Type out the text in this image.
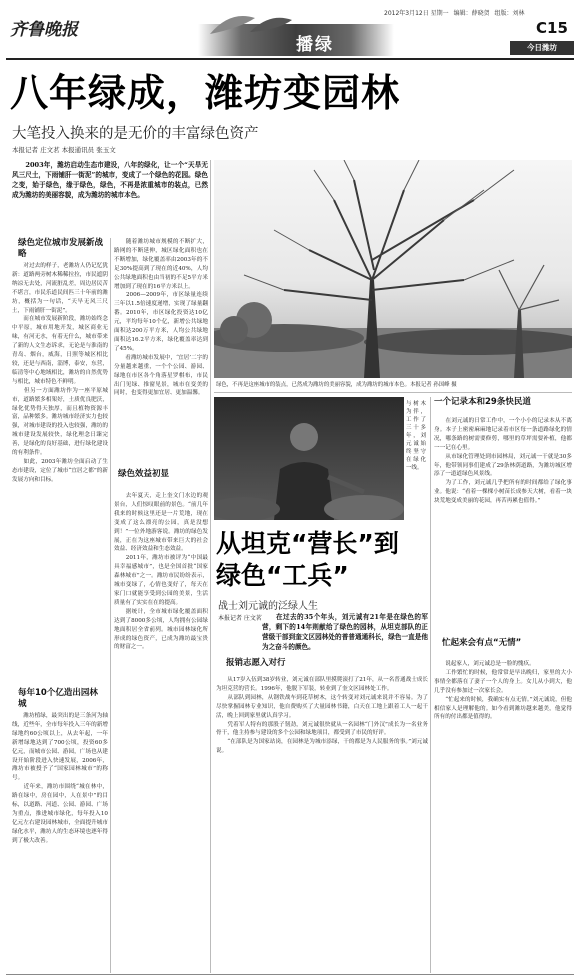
齐鲁晚报
播绿
2012年3月12日 星期一 编辑：薛晓贺 组版：刘林
C15
今日潍坊
八年绿成，潍坊变园林
大笔投入换来的是无价的丰富绿色资产
本报记者 庄文茗 本报通讯员 张玉文
　　2003年，潍坊启动生态市建设，八年的绿化，让一个“天旱无风三尺土，下雨铺肝一街泥”的城市，变成了一个绿色的花园。绿色之变，始于绿色，缘于绿色，绿色，不再是浓重城市的装点，已然成为潍坊的美丽容貌，成为潍坊的城市本色。
绿色定位城市发展新战略
　　对过去的样子，老潍坊人仍记忆犹新：道路两旁树木稀稀拉拉，市民遮阴纳凉无去处，河流脏乱差，周边居民苦不堪言，市民乐道民间匹三十年前的潍坊，概括为一句话，“天旱无风三尺土，下雨铺肝一街泥”。
　　而在城市发展新阶段，潍坊始终念中平原，城市用地开发，城区商业无味，有河无水，有着无什么，城市带来了新的人文生态诉求，无论是与淮南的青岛、烟台，威海，日照等城区相比较，还是与西南，淄博，泰安，东营，临清等中心地域相比，潍坊的自然优势与相比，城市特色不鲜明。
　　但另一方面潍坊作为一座平原城市，道路繁多相架好，土质优良肥沃，绿化优势得天独厚，而且植物资源丰富，品种繁多。潍坊城市经济实力也较强，对城市建设的投入也较强，潍坊的城市建设发展较快，绿化理念日臻完善，是绿化的良好基础，进行绿化建设的有利条件。
　　如此，2003年潍坊全面启动了生态市建设，定位了城市“宜居之都”的新发展方向和目标。
每年10个亿造出园林城
　　潍坊植绿，最突出的是三条河为轴线，近些年，全市每年投入三年的新增绿地约60公顷以上，从去年起，一年新增绿地达到了700公顷，投资60多亿元，而城市公园、游园，广场也从建设开始阶段进入快速发展，2006年，潍坊市被授予了“国家园林城市”的称号。
　　近年来，潍坊市围绕“城在林中，路在绿中，房在园中，人在景中”的目标，以道路、河道、公园、游园、广场为重点，推进城市绿化，每年投入10亿元左右建设园林城市，全面提升城市绿化水平，潍坊人的生态环境也逐年得到了极大改善。
　　随着潍坊城市规模的不断扩大，路网的不断延伸，城区绿化面积也在不断增加，绿化覆盖率由2003年的不足30%提高到了现在的近40%，人均公共绿地面积也由当初的不足5平方米增加到了现在的16平方米以上。
　　2006—2009年，市区绿量连续三年以1.5倍速度递增，实现了绿量翻番。2010年，市区绿化投资达10亿元，平均每年10个亿，新增公共绿地面积达200万平方米，人均公共绿地面积达16.2平方米，绿化覆盖率达到了45%。
　　看潍坊城市发展中，‘宜居’二字的分量越来越重，一个个公园、游园、绿地在市区各个角落星罗棋布，市民出门见绿、推窗见景，城市在变美的同时，也变得更加宜居、更加温馨。
绿色效益初显
　　去年夏天，走上奎文门水边的观景台，人们惊叹眼前的景色。“前几年我来的时候这里还是一片荒地，现在变成了这么漂亮的公园，真是没想到！”一位外地游客说。潍坊的绿色发展，正在为这座城市带来巨大的社会效益、经济效益和生态效益。
　　2011年，潍坊市被评为“中国最具幸福感城市”，也是全国首批“国家森林城市”之一。潍坊市民纷纷表示，城市变绿了，心情也变好了，每天在家门口就能享受到公园的美景，生活质量有了实实在在的提高。
　　据统计，全市城市绿化覆盖面积达到了8000多公顷，人均拥有公园绿地面积居全省前列。城市园林绿化所形成的绿色资产，已成为潍坊最宝贵的财富之一。
绿色，不再是这座城市的装点，已然成为潍坊的美丽容貌，成为潍坊的城市本色。本报记者 孙国峰 摄
与树木为伴，工作了三十多年，刘元诚始终坚守在绿化一线。
从坦克“营长”到绿色“工兵”
战士刘元诚的泛绿人生
本报记者 庄文茗 　　在过去的35个年头，刘元诚有21年是在绿色的军营，剩下的14年则献给了绿色的园林，从坦克部队的正营级干部到奎文区园林处的普普通通科长，绿色一直是他为之奋斗的颜色。
报销志愿入对行
　　从17岁入伍到38岁转业，刘元诚在部队里摸爬滚打了21年，从一名普通战士成长为坦克营的营长。1996年，他脱下军装，转业到了奎文区园林处工作。
　　从部队到园林，从钢铁战车到花草树木，这个转变对刘元诚来说并不容易。为了尽快掌握园林专业知识，他自费购买了大量园林书籍，白天在工地上跟着工人一起干活，晚上回到家里就认真学习。
　　凭着军人特有的那股子韧劲，刘元诚很快就从一名园林“门外汉”成长为一名业务骨干，他主持参与建设的多个公园和绿地项目，都受到了市民的好评。
　　“在部队是为国家站岗，在园林是为城市添绿，干的都是为人民服务的事。”刘元诚说。
一个记录本和29条快民道
　　在刘元诚的日常工作中，一个小小的记录本从不离身。本子上密密麻麻地记录着市区每一条道路绿化的情况，哪条路的树需要修剪，哪里的草坪需要补植，他都一一记在心里。
　　从市绿化管理处到市园林局，刘元诚一干就是30多年，他带领同事们建成了29条林荫道路，为潍坊城区增添了一道道绿色风景线。
　　为了工作，刘元诚几乎把所有的时间都给了绿化事业。他说：“看着一棵棵小树苗长成参天大树，看着一块块荒地变成美丽的花园，再苦再累也值得。”
忙起来会有点“无情”
　　说起家人，刘元诚总是一脸的愧疚。
　　工作繁忙的时候，他常常是早出晚归，家里的大小事情全都落在了妻子一个人的身上。女儿从小到大，他几乎没有参加过一次家长会。
　　“忙起来的时候，我确实有点无情。”刘元诚说，但他相信家人是理解他的。如今看到潍坊越来越美，他觉得所有的付出都是值得的。
